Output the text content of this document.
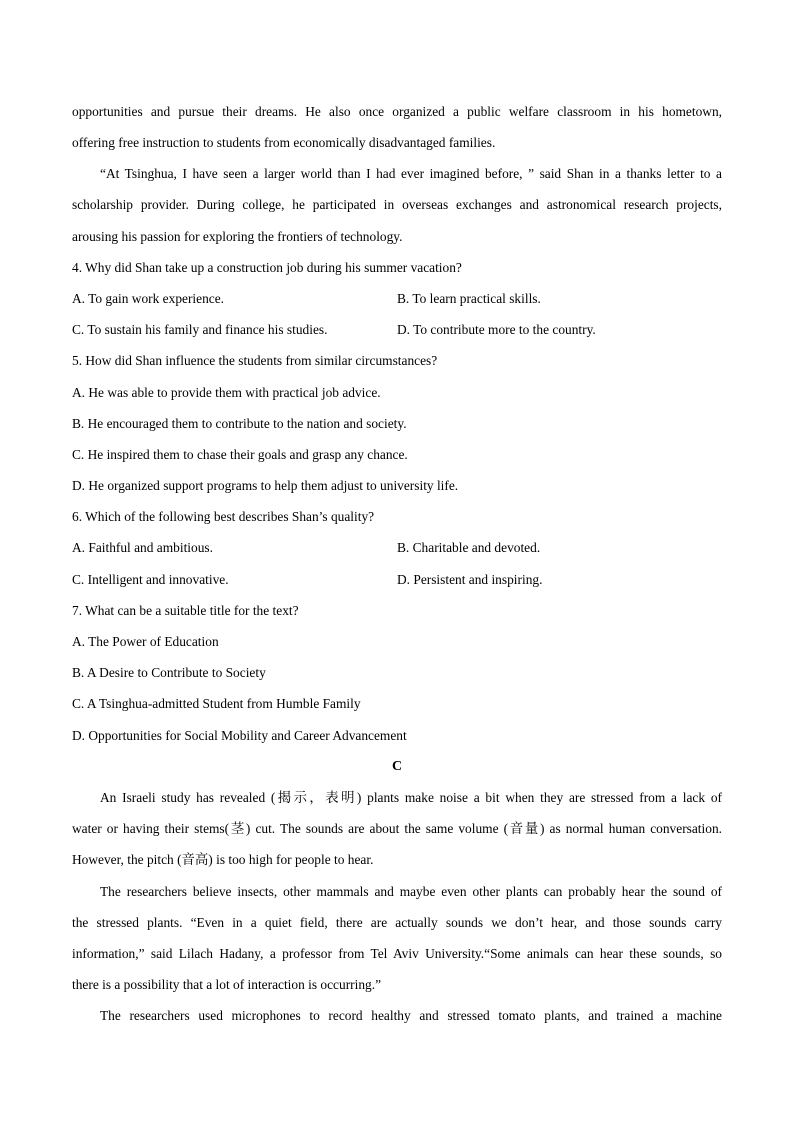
opportunities and pursue their dreams. He also once organized a public welfare classroom in his hometown,
offering free instruction to students from economically disadvantaged families.
“At Tsinghua, I have seen a larger world than I had ever imagined before, ” said Shan in a thanks letter to a
scholarship provider. During college, he participated in overseas exchanges and astronomical research projects,
arousing his passion for exploring the frontiers of technology.
4. Why did Shan take up a construction job during his summer vacation?
A. To gain work experience.	B. To learn practical skills.
C. To sustain his family and finance his studies.	D. To contribute more to the country.
5. How did Shan influence the students from similar circumstances?
A. He was able to provide them with practical job advice.
B. He encouraged them to contribute to the nation and society.
C. He inspired them to chase their goals and grasp any chance.
D. He organized support programs to help them adjust to university life.
6. Which of the following best describes Shan’s quality?
A. Faithful and ambitious.	B. Charitable and devoted.
C. Intelligent and innovative.	D. Persistent and inspiring.
7. What can be a suitable title for the text?
A. The Power of Education
B. A Desire to Contribute to Society
C. A Tsinghua-admitted Student from Humble Family
D. Opportunities for Social Mobility and Career Advancement
C
An Israeli study has revealed (揭示，表明) plants make noise a bit when they are stressed from a lack of
water or having their stems(茎) cut. The sounds are about the same volume (音量) as normal human conversation.
However, the pitch (音高) is too high for people to hear.
The researchers believe insects, other mammals and maybe even other plants can probably hear the sound of
the stressed plants. “Even in a quiet field, there are actually sounds we don’t hear, and those sounds carry
information,” said Lilach Hadany, a professor from Tel Aviv University.“Some animals can hear these sounds, so
there is a possibility that a lot of interaction is occurring.”
The researchers used microphones to record healthy and stressed tomato plants, and trained a machine
